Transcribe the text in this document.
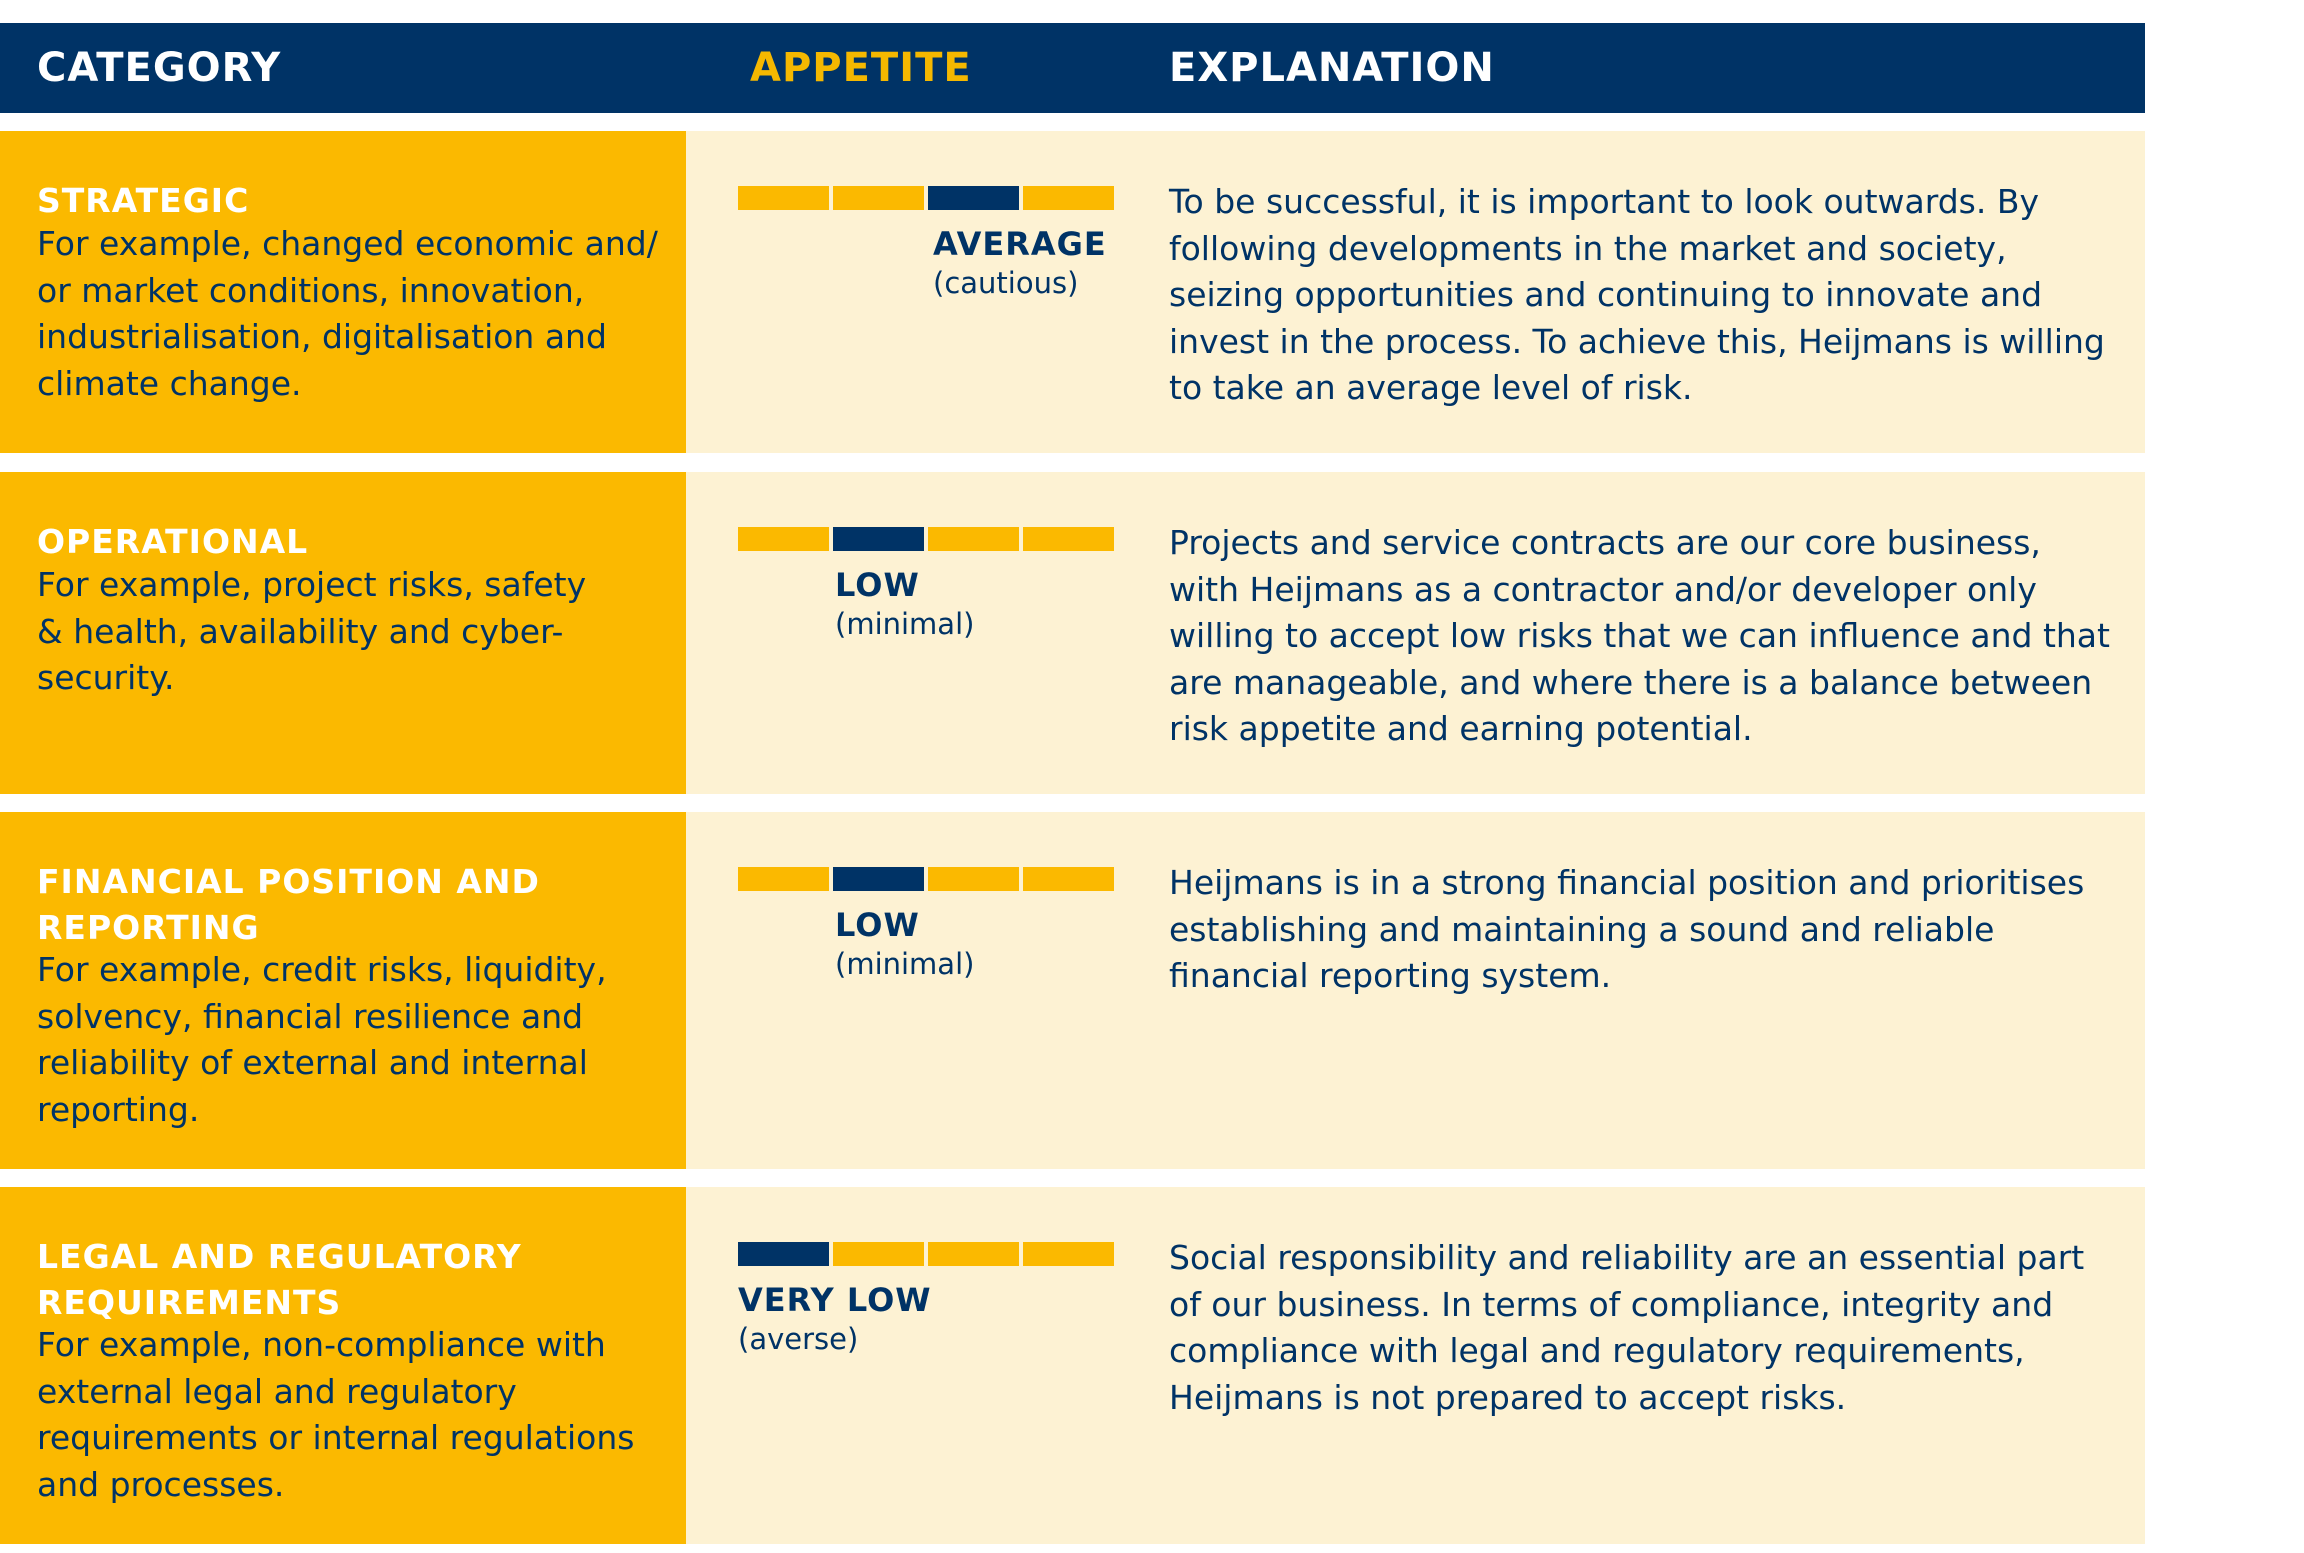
CATEGORY	APPETITE	EXPLANATION
STRATEGIC
For example, changed economic and/ or market conditions, innovation, industrialisation, digitalisation and climate change.
AVERAGE
(cautious)
To be successful, it is important to look outwards. By following developments in the market and society, seizing opportunities and continuing to innovate and invest in the process. To achieve this, Heijmans is willing to take an average level of risk.
OPERATIONAL
For example, project risks, safety & health, availability and cyber-security.
LOW
(minimal)
Projects and service contracts are our core business, with Heijmans as a contractor and/or developer only willing to accept low risks that we can influence and that are manageable, and where there is a balance between risk appetite and earning potential.
FINANCIAL POSITION AND REPORTING
For example, credit risks, liquidity, solvency, financial resilience and reliability of external and internal reporting.
LOW
(minimal)
Heijmans is in a strong financial position and prioritises establishing and maintaining a sound and reliable financial reporting system.
LEGAL AND REGULATORY REQUIREMENTS
For example, non-compliance with external legal and regulatory requirements or internal regulations and processes.
VERY LOW
(averse)
Social responsibility and reliability are an essential part of our business. In terms of compliance, integrity and compliance with legal and regulatory requirements, Heijmans is not prepared to accept risks.
